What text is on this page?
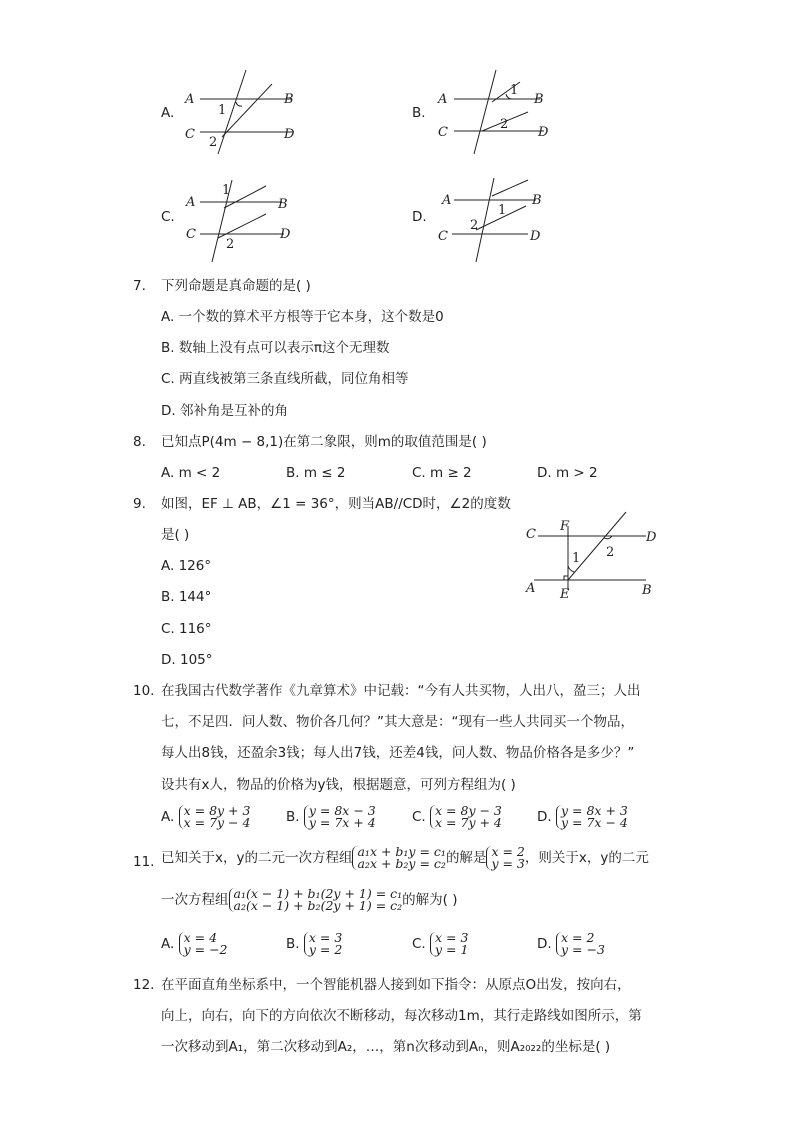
A.
A	B
C	D
1
2
B.
A	B
C	D
1
2
C.
A	B
C	D
1
2
D.
A	B
C	D
1
2
7. 下列命题是真命题的是( )
A. 一个数的算术平方根等于它本身，这个数是0
B. 数轴上没有点可以表示π这个无理数
C. 两直线被第三条直线所截，同位角相等
D. 邻补角是互补的角
8. 已知点P(4m − 8,1)在第二象限，则m的取值范围是( )
A. m < 2	B. m ≤ 2	C. m ≥ 2	D. m > 2
9. 如图，EF ⊥ AB，∠1 = 36°，则当AB//CD时，∠2的度数
是( )
A. 126°
B. 144°
C. 116°
D. 105°
C
F
D
A E	B
1 2
10. 在我国古代数学著作《九章算术》中记载：“今有人共买物，人出八，盈三；人出
七，不足四．问人数、物价各几何？”其大意是：“现有一些人共同买一个物品，
每人出8钱，还盈余3钱；每人出7钱，还差4钱，问人数、物品价格各是多少？”
设共有x人，物品的价格为y钱，根据题意，可列方程组为( )
A. x = 8y + 3
x = 7y − 4	B. y = 8x − 3
y = 7x + 4	C. x = 8y − 3
x = 7y + 4	D. y = 8x + 3
y = 7x − 4
11. 已知关于x，y的二元一次方程组 a₁x + b₁y = c₁
a₂x + b₂y = c₂的解是 x = 2
y = 3，则关于x，y的二元
一次方程组 a₁(x − 1) + b₁(2y + 1) = c₁
a₂(x − 1) + b₂(2y + 1) = c₂的解为( )
A. x = 4
y = −2	B. x = 3
y = 2	C. x = 3
y = 1	D. x = 2
y = −3
12. 在平面直角坐标系中，一个智能机器人接到如下指令：从原点O出发，按向右，
向上，向右，向下的方向依次不断移动，每次移动1m，其行走路线如图所示，第
一次移动到A₁，第二次移动到A₂，…，第n次移动到Aₙ，则A₂₀₂₂的坐标是( )
